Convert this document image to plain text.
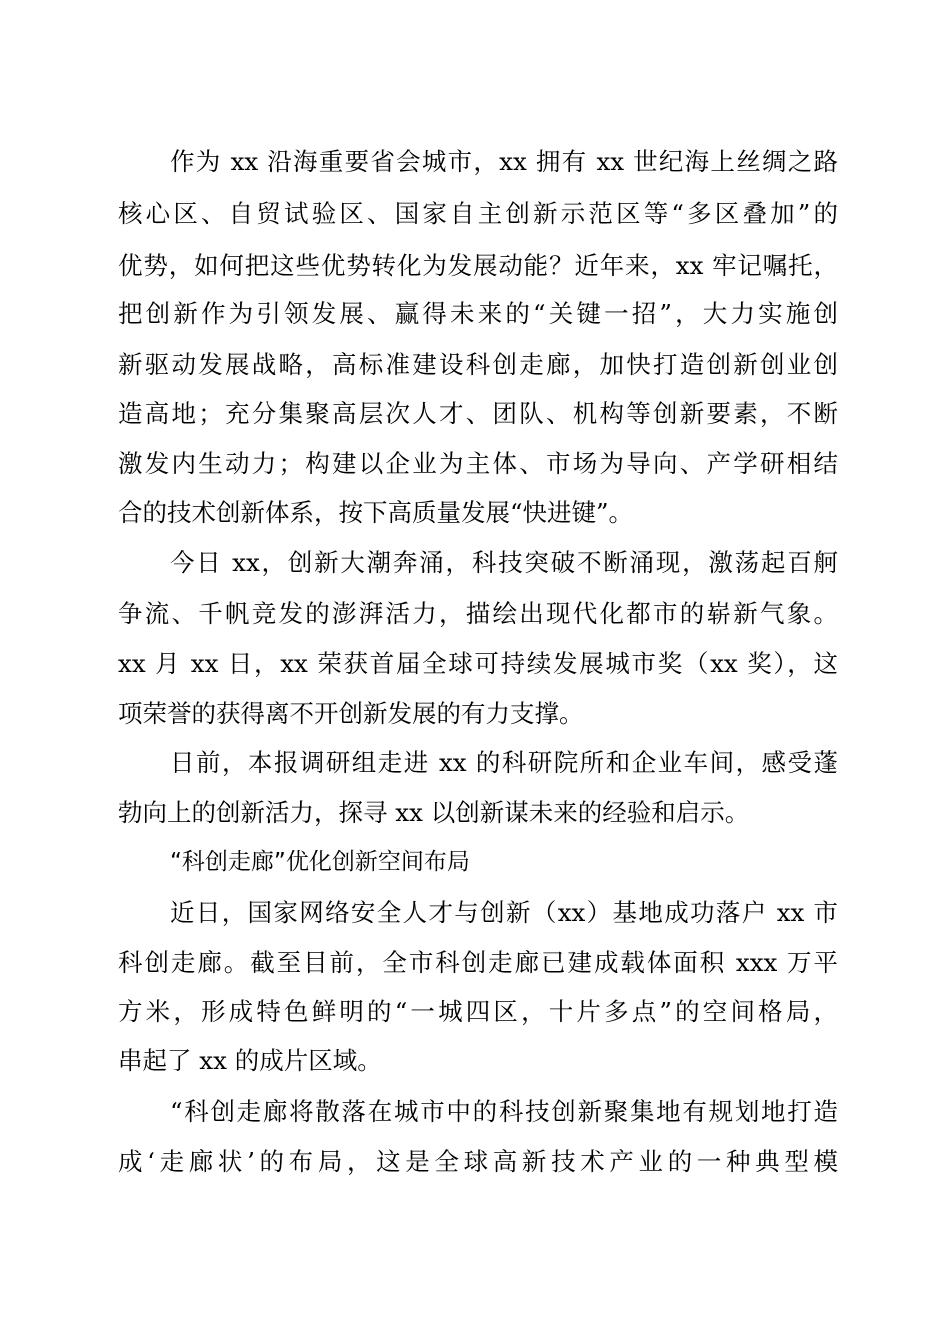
作为 xx 沿海重要省会城市，xx 拥有 xx 世纪海上丝绸之路
核心区、自贸试验区、国家自主创新示范区等“多区叠加”的
优势，如何把这些优势转化为发展动能？近年来，xx 牢记嘱托，
把创新作为引领发展、赢得未来的“关键一招”，大力实施创
新驱动发展战略，高标准建设科创走廊，加快打造创新创业创
造高地；充分集聚高层次人才、团队、机构等创新要素，不断
激发内生动力；构建以企业为主体、市场为导向、产学研相结
合的技术创新体系，按下高质量发展“快进键”。
今日 xx，创新大潮奔涌，科技突破不断涌现，激荡起百舸
争流、千帆竞发的澎湃活力，描绘出现代化都市的崭新气象。
xx 月 xx 日，xx 荣获首届全球可持续发展城市奖（xx 奖），这
项荣誉的获得离不开创新发展的有力支撑。
日前，本报调研组走进 xx 的科研院所和企业车间，感受蓬
勃向上的创新活力，探寻 xx 以创新谋未来的经验和启示。
“科创走廊”优化创新空间布局
近日，国家网络安全人才与创新（xx）基地成功落户 xx 市
科创走廊。截至目前，全市科创走廊已建成载体面积 xxx 万平
方米，形成特色鲜明的“一城四区，十片多点”的空间格局，
串起了 xx 的成片区域。
“科创走廊将散落在城市中的科技创新聚集地有规划地打造
成‘走廊状’的布局，这是全球高新技术产业的一种典型模
